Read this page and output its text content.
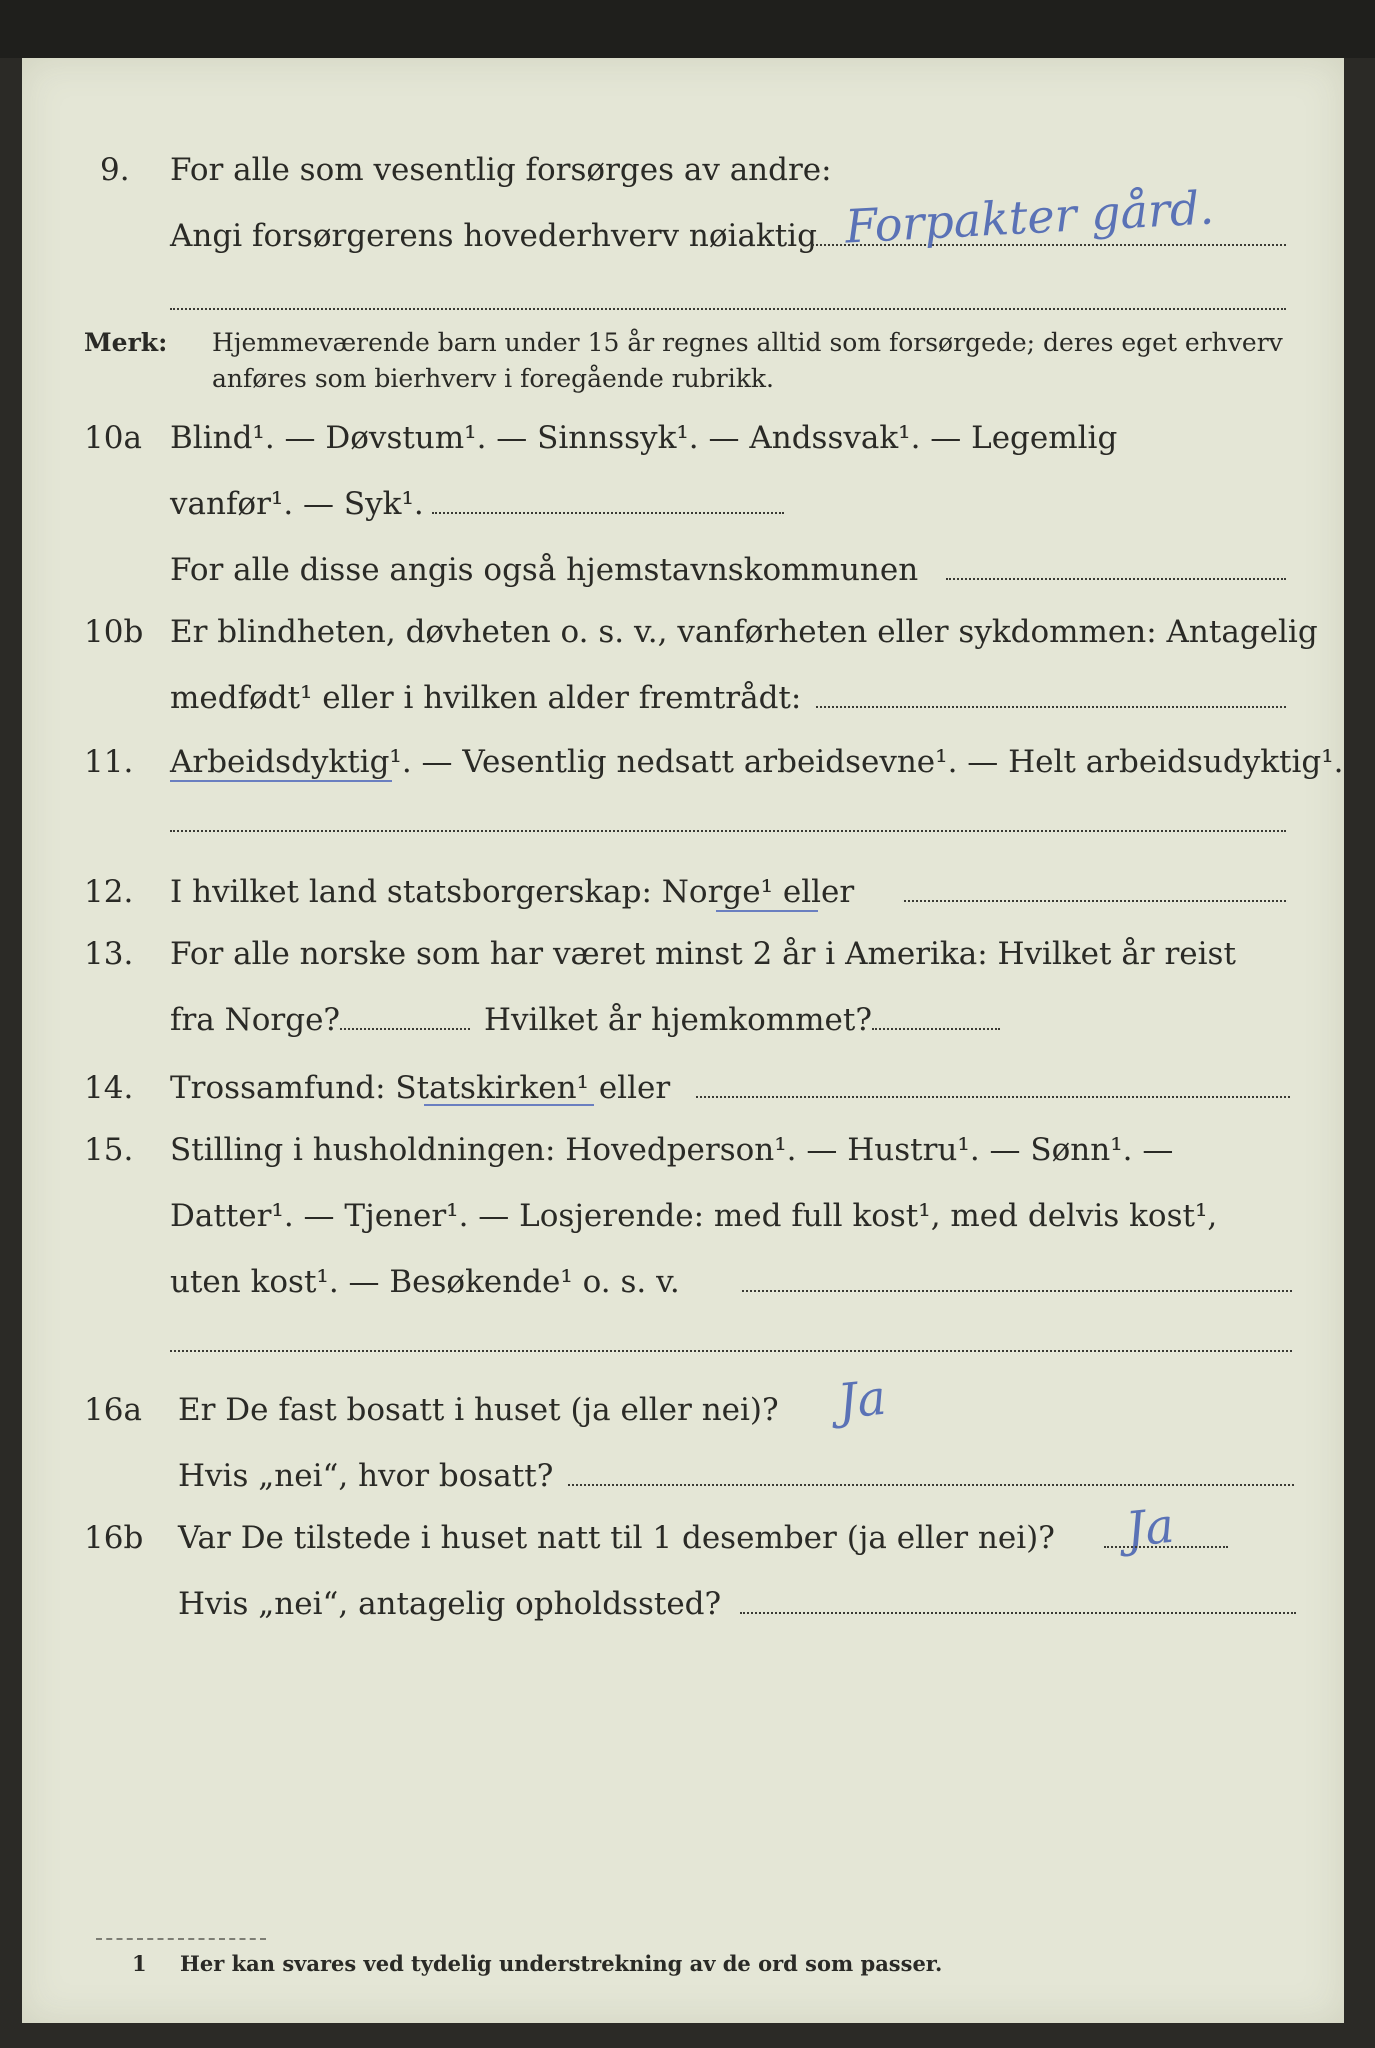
9. For alle som vesentlig forsørges av andre:
Angi forsørgerens hovederhverv nøiaktig Forpakter gård.
Merk: Hjemmeværende barn under 15 år regnes alltid som forsørgede; deres eget erhverv
anføres som bierhverv i foregående rubrikk.
10a Blind¹. — Døvstum¹. — Sinnssyk¹. — Andssvak¹. — Legemlig
vanfør¹. — Syk¹.
For alle disse angis også hjemstavnskommunen
10b Er blindheten, døvheten o. s. v., vanførheten eller sykdommen: Antagelig
medfødt¹ eller i hvilken alder fremtrådt:
11. Arbeidsdyktig¹. — Vesentlig nedsatt arbeidsevne¹. — Helt arbeidsudyktig¹.
12. I hvilket land statsborgerskap: Norge¹ eller
13. For alle norske som har været minst 2 år i Amerika: Hvilket år reist
fra Norge?	Hvilket år hjemkommet?
14. Trossamfund: Statskirken¹ eller
15. Stilling i husholdningen: Hovedperson¹. — Hustru¹. — Sønn¹. —
Datter¹. — Tjener¹. — Losjerende: med full kost¹, med delvis kost¹,
uten kost¹. — Besøkende¹ o. s. v.
16a Er De fast bosatt i huset (ja eller nei)? Ja
Hvis „nei“, hvor bosatt?
16b Var De tilstede i huset natt til 1 desember (ja eller nei)? Ja
Hvis „nei“, antagelig opholdssted?
1 Her kan svares ved tydelig understrekning av de ord som passer.
